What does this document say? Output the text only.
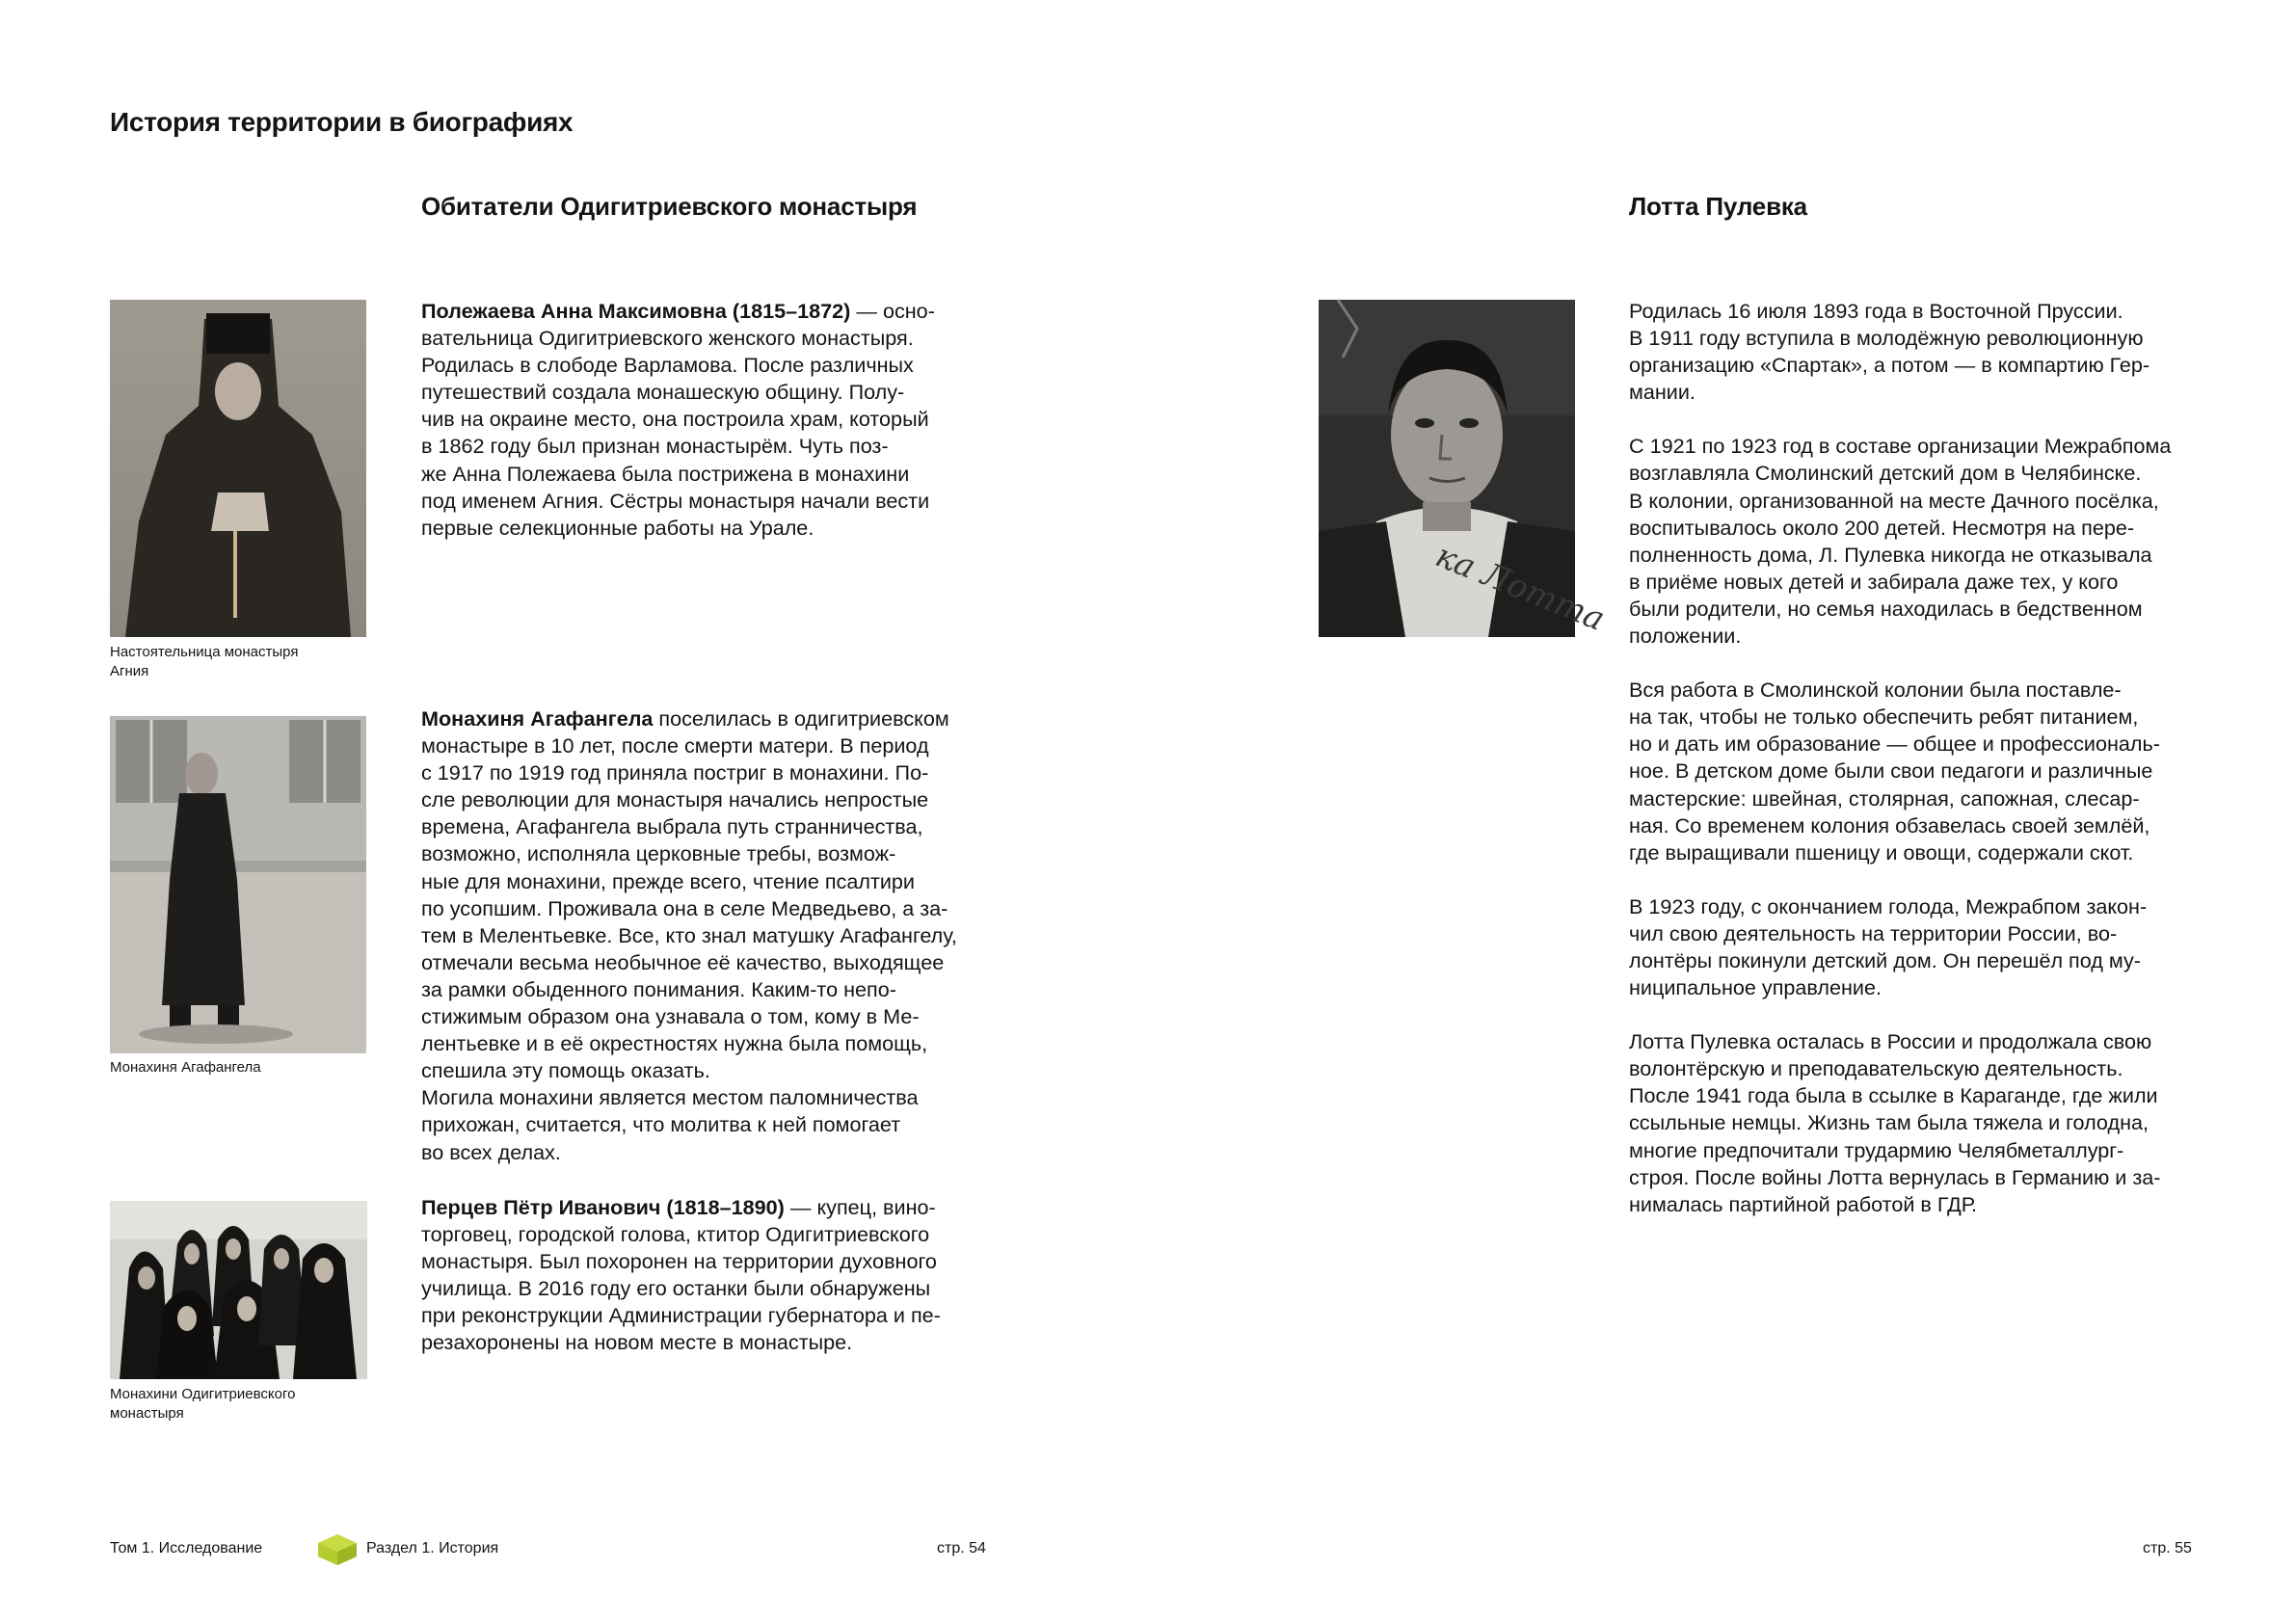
История территории в биографиях
Обитатели Одигитриевского монастыря

Настоятельница монастыря
Агния

Полежаева Анна Максимовна (1815–1872) — осно-
вательница Одигитриевского женского монастыря.
Родилась в слободе Варламова. После различных
путешествий создала монашескую общину. Полу-
чив на окраине место, она построила храм, который
в 1862 году был признан монастырём. Чуть поз-
же Анна Полежаева была пострижена в монахини
под именем Агния. Сёстры монастыря начали вести
первые селекционные работы на Урале.

Монахиня Агафангела

Монахиня Агафангела поселилась в одигитриевском
монастыре в 10 лет, после смерти матери. В период
с 1917 по 1919 год приняла постриг в монахини. По-
сле революции для монастыря начались непростые
времена, Агафангела выбрала путь странничества,
возможно, исполняла церковные требы, возмож-
ные для монахини, прежде всего, чтение псалтири
по усопшим. Проживала она в селе Медведьево, а за-
тем в Мелентьевке. Все, кто знал матушку Агафангелу,
отмечали весьма необычное её качество, выходящее
за рамки обыденного понимания. Каким-то непо-
стижимым образом она узнавала о том, кому в Ме-
лентьевке и в её окрестностях нужна была помощь,
спешила эту помощь оказать.
Могила монахини является местом паломничества
прихожан, считается, что молитва к ней помогает
во всех делах.

Монахини Одигитриевского
монастыря

Перцев Пётр Иванович (1818–1890) — купец, вино-
торговец, городской голова, ктитор Одигитриевского
монастыря. Был похоронен на территории духовного
училища. В 2016 году его останки были обнаружены
при реконструкции Администрации губернатора и пе-
резахоронены на новом месте в монастыре.

Лотта Пулевка
ка Лотта

Родилась 16 июля 1893 года в Восточной Пруссии.
В 1911 году вступила в молодёжную революционную
организацию «Спартак», а потом — в компартию Гер-
мании.

С 1921 по 1923 год в составе организации Межрабпома
возглавляла Смолинский детский дом в Челябинске.
В колонии, организованной на месте Дачного посёлка,
воспитывалось около 200 детей. Несмотря на пере-
полненность дома, Л. Пулевка никогда не отказывала
в приёме новых детей и забирала даже тех, у кого
были родители, но семья находилась в бедственном
положении.

Вся работа в Смолинской колонии была поставле-
на так, чтобы не только обеспечить ребят питанием,
но и дать им образование — общее и профессиональ-
ное. В детском доме были свои педагоги и различные
мастерские: швейная, столярная, сапожная, слесар-
ная. Со временем колония обзавелась своей землёй,
где выращивали пшеницу и овощи, содержали скот.

В 1923 году, с окончанием голода, Межрабпом закон-
чил свою деятельность на территории России, во-
лонтёры покинули детский дом. Он перешёл под му-
ниципальное управление.

Лотта Пулевка осталась в России и продолжала свою
волонтёрскую и преподавательскую деятельность.
После 1941 года была в ссылке в Караганде, где жили
ссыльные немцы. Жизнь там была тяжела и голодна,
многие предпочитали трудармию Челябметаллург-
строя. После войны Лотта вернулась в Германию и за-
нималась партийной работой в ГДР.

Том 1. Исследование	Раздел 1. История	стр. 54	стр. 55
